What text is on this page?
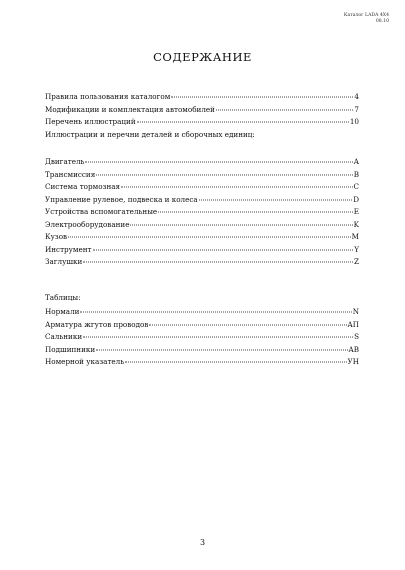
Каталог LADA 4X4
08.10
СОДЕРЖАНИЕ
Правила пользования каталогом	4
Модификации и комплектация автомобилей	7
Перечень иллюстраций	10
Иллюстрации и перечни деталей и сборочных единиц:
Двигатель	A
Трансмиссия	B
Система тормозная	C
Управление рулевое, подвеска и колеса	D
Устройства вспомогательные	E
Электрооборудование	K
Кузов	M
Инструмент	Y
Заглушки	Z
Таблицы:
Нормали	N
Арматура жгутов проводов	AП
Сальники	S
Подшипники	AB
Номерной указатель	УН
3
